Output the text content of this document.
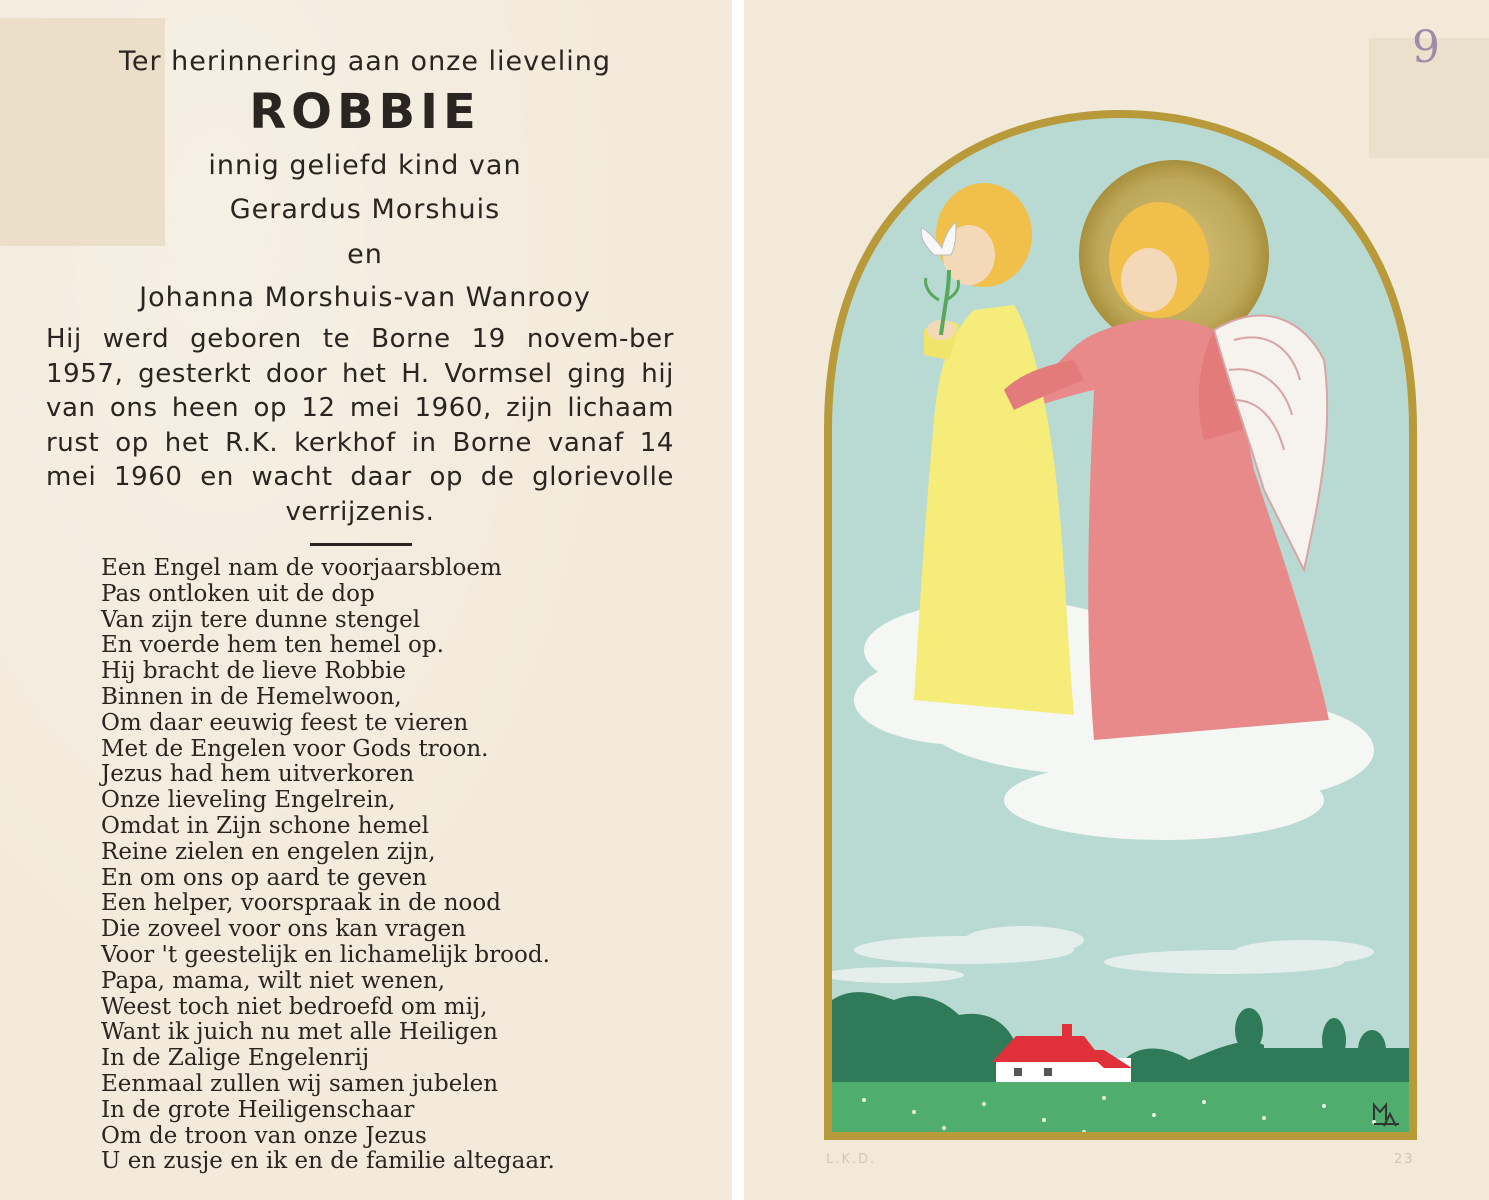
Ter herinnering aan onze lieveling
ROBBIE
innig geliefd kind van
Gerardus Morshuis
en
Johanna Morshuis-van Wanrooy
Hij werd geboren te Borne 19 novem-ber 1957, gesterkt door het H. Vormsel ging hij van ons heen op 12 mei 1960, zijn lichaam rust op het R.K. kerkhof in Borne vanaf 14 mei 1960 en wacht daar op de glorievolle verrijzenis.
Een Engel nam de voorjaarsbloem
Pas ontloken uit de dop
Van zijn tere dunne stengel
En voerde hem ten hemel op.
Hij bracht de lieve Robbie
Binnen in de Hemelwoon,
Om daar eeuwig feest te vieren
Met de Engelen voor Gods troon.
Jezus had hem uitverkoren
Onze lieveling Engelrein,
Omdat in Zijn schone hemel
Reine zielen en engelen zijn,
En om ons op aard te geven
Een helper, voorspraak in de nood
Die zoveel voor ons kan vragen
Voor 't geestelijk en lichamelijk brood.
Papa, mama, wilt niet wenen,
Weest toch niet bedroefd om mij,
Want ik juich nu met alle Heiligen
In de Zalige Engelenrij
Eenmaal zullen wij samen jubelen
In de grote Heiligenschaar
Om de troon van onze Jezus
U en zusje en ik en de familie altegaar.
MA
9
L.K.D.	23
